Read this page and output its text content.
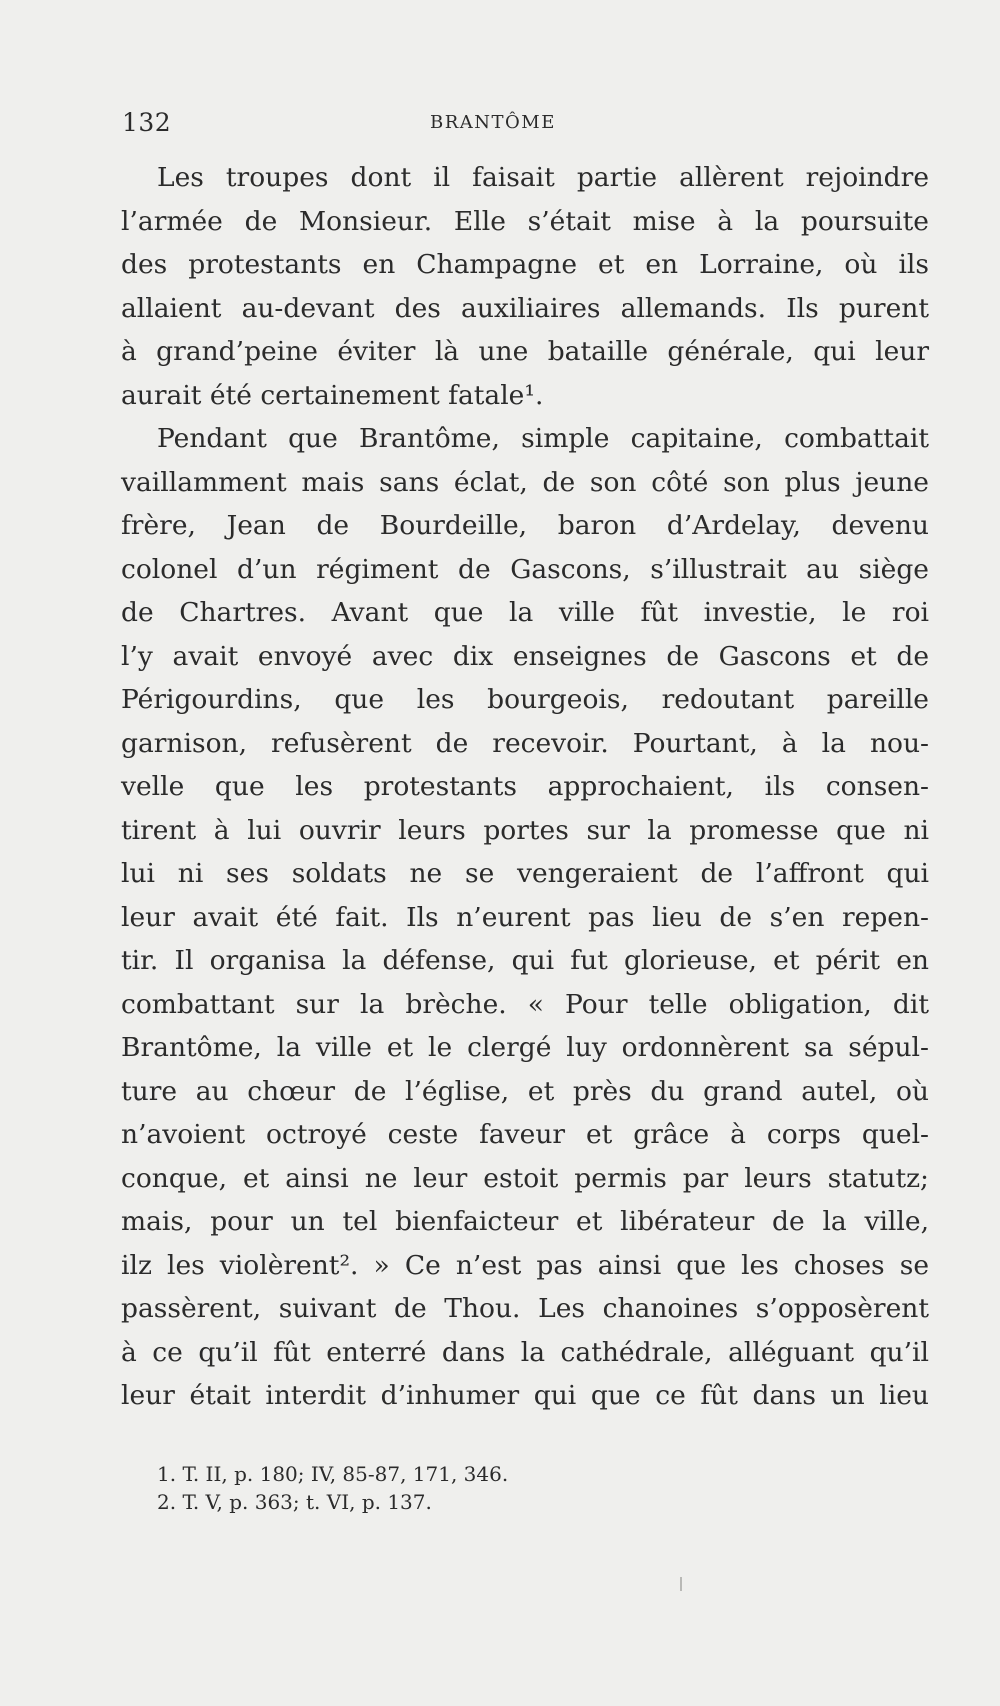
132	BRANTÔME
Les troupes dont il faisait partie allèrent rejoindre
l’armée de Monsieur. Elle s’était mise à la poursuite
des protestants en Champagne et en Lorraine, où ils
allaient au-devant des auxiliaires allemands. Ils purent
à grand’peine éviter là une bataille générale, qui leur
aurait été certainement fatale¹.
Pendant que Brantôme, simple capitaine, combattait
vaillamment mais sans éclat, de son côté son plus jeune
frère, Jean de Bourdeille, baron d’Ardelay, devenu
colonel d’un régiment de Gascons, s’illustrait au siège
de Chartres. Avant que la ville fût investie, le roi
l’y avait envoyé avec dix enseignes de Gascons et de
Périgourdins, que les bourgeois, redoutant pareille
garnison, refusèrent de recevoir. Pourtant, à la nou-
velle que les protestants approchaient, ils consen-
tirent à lui ouvrir leurs portes sur la promesse que ni
lui ni ses soldats ne se vengeraient de l’affront qui
leur avait été fait. Ils n’eurent pas lieu de s’en repen-
tir. Il organisa la défense, qui fut glorieuse, et périt en
combattant sur la brèche. « Pour telle obligation, dit
Brantôme, la ville et le clergé luy ordonnèrent sa sépul-
ture au chœur de l’église, et près du grand autel, où
n’avoient octroyé ceste faveur et grâce à corps quel-
conque, et ainsi ne leur estoit permis par leurs statutz;
mais, pour un tel bienfaicteur et libérateur de la ville,
ilz les violèrent². » Ce n’est pas ainsi que les choses se
passèrent, suivant de Thou. Les chanoines s’opposèrent
à ce qu’il fût enterré dans la cathédrale, alléguant qu’il
leur était interdit d’inhumer qui que ce fût dans un lieu
1. T. II, p. 180; IV, 85-87, 171, 346.
2. T. V, p. 363; t. VI, p. 137.
